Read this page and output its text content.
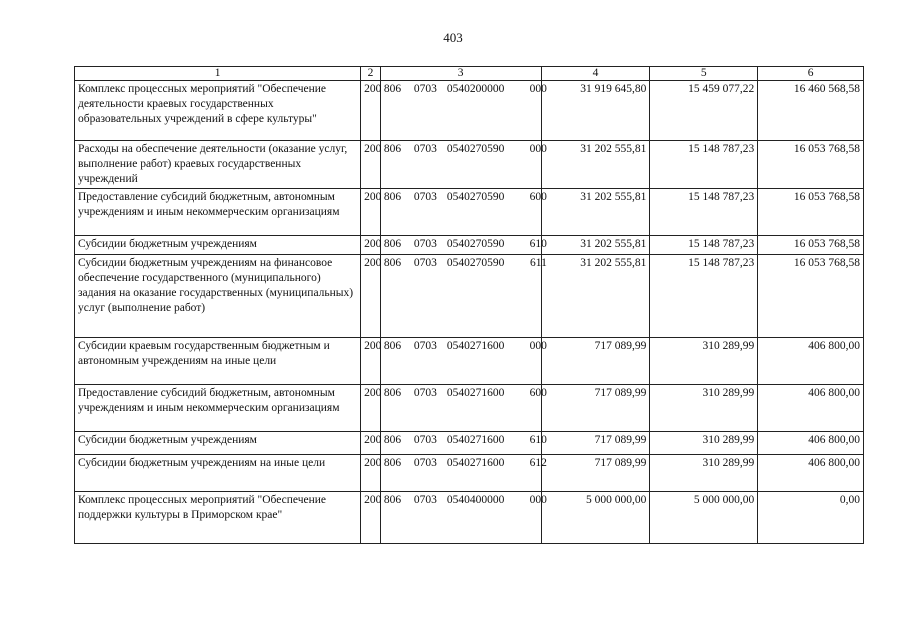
403
1	2	3	4	5	6
Комплекс процессных мероприятий "Обеспечение деятельности краевых государственных образовательных учреждений в сфере культуры"	200	806 0703 0540200000 000	31 919 645,80	15 459 077,22	16 460 568,58
Расходы на обеспечение деятельности (оказание услуг, выполнение работ) краевых государственных учреждений	200	806 0703 0540270590 000	31 202 555,81	15 148 787,23	16 053 768,58
Предоставление субсидий бюджетным, автономным учреждениям и иным некоммерческим организациям	200	806 0703 0540270590 600	31 202 555,81	15 148 787,23	16 053 768,58
Субсидии бюджетным учреждениям	200	806 0703 0540270590 610	31 202 555,81	15 148 787,23	16 053 768,58
Субсидии бюджетным учреждениям на финансовое обеспечение государственного (муниципального) задания на оказание государственных (муниципальных) услуг (выполнение работ)	200	806 0703 0540270590 611	31 202 555,81	15 148 787,23	16 053 768,58
Субсидии краевым государственным бюджетным и автономным учреждениям на иные цели	200	806 0703 0540271600 000	717 089,99	310 289,99	406 800,00
Предоставление субсидий бюджетным, автономным учреждениям и иным некоммерческим организациям	200	806 0703 0540271600 600	717 089,99	310 289,99	406 800,00
Субсидии бюджетным учреждениям	200	806 0703 0540271600 610	717 089,99	310 289,99	406 800,00
Субсидии бюджетным учреждениям на иные цели	200	806 0703 0540271600 612	717 089,99	310 289,99	406 800,00
Комплекс процессных мероприятий "Обеспечение поддержки культуры в Приморском крае"	200	806 0703 0540400000 000	5 000 000,00	5 000 000,00	0,00
